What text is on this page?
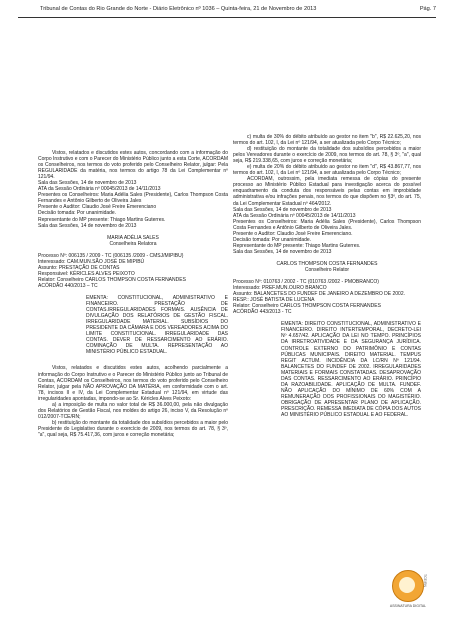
Tribunal de Contas do Rio Grande do Norte - Diário Eletrônico nº 1036 – Quinta-feira, 21 de Novembro de 2013	Pág. 7

Vistos, relatados e discutidos estes autos, concordando com a informação do Corpo Instrutivo e com o Parecer do Ministério Público junto a esta Corte, ACORDAM os Conselheiros, nos termos do voto proferido pelo Conselheiro Relator, julgar: Pela REGULARIDADE da matéria, nos termos do artigo 78 da Lei Complementar nº 121/94.

Sala das Sessões, 14 de novembro de 2013

ATA da Sessão Ordinária nº 00045/2013 de 14/11/2013

Presentes os Conselheiros: Maria Adélia Sales (Presidente), Carlos Thompson Costa Fernandes e Antônio Gilberto de Oliveira Jales

Presente o Auditor: Claudio José Freire Emerenciano

Decisão tomada: Por unanimidade.

Representante do MP presente: Thiago Martins Guterres.

Sala das Sessões, 14 de novembro de 2013

MARIA ADÉLIA SALES

Conselheira Relatora

Processo Nº: 006135 / 2009 - TC (006135 /2009 - CMSJ/MIPIBU)

Interessado: CAM.MUN.SÃO JOSÉ DE MIPIBÚ

Assunto: PRESTAÇÃO DE CONTAS

Responsável: KÉRICLES ALVES PEIXOTO

Relator: Conselheiro CARLOS THOMPSON COSTA FERNANDES

ACÓRDÃO 440/2013 – TC

EMENTA: CONSTITUCIONAL, ADMINISTRATIVO E FINANCEIRO. PRESTAÇÃO DE CONTAS.IRREGULARIDADES FORMAIS. AUSÊNCIA DE DIVULGAÇÃO DOS RELATÓRIOS DE GESTÃO FISCAL. IRREGULARIDADE MATERIAL. SUBSÍDIOS DO PRESIDENTE DA CÂMARA E DOS VEREADORES ACIMA DO LIMITE CONSTITUCIONAL. IRREGULARIDADE DAS CONTAS. DEVER DE RESSARCIMENTO AO ERÁRIO. COMINAÇÃO DE MULTA. REPRESENTAÇÃO AO MINISTÉRIO PÚBLICO ESTADUAL.

Vistos, relatados e discutidos estes autos, acolhendo parcialmente a informação do Corpo Instrutivo e o Parecer do Ministério Público junto ao Tribunal de Contas, ACORDAM os Conselheiros, nos termos do voto proferido pelo Conselheiro Relator, julgar pela NÃO APROVAÇÃO DA MATÉRIA, em conformidade com o art. 78, incisos II e IV, da Lei Complementar Estadual nº 121/94, em virtude das irregularidades apontadas, impondo-se ao Sr. Kéricles Alves Peixoto:

a) a imposição de multa no valor total de R$ 36.000,00, pela não divulgação dos Relatórios de Gestão Fiscal, nos moldes do artigo 26, inciso V, da Resolução nº 012/2007-TCE/RN;

b) restituição do montante da totalidade dos subsídios percebidos a maior pelo Presidente do Legislativo durante o exercício de 2009, nos termos do art. 78, § 3º, "a", qual seja, R$ 75.417,36, com juros e correção monetária;

c) multa de 30% do débito atribuído ao gestor no item "b", R$ 22.625,20, nos termos do art. 102, I, da Lei nº 121/94, a ser atualizada pelo Corpo Técnico;

d) restituição do montante da totalidade dos subsídios percebidos a maior pelos Vereadores durante o exercício de 2009, nos termos do art. 78, § 3º, "a", qual seja, R$ 219.338,65, com juros e correção monetária;

e) multa de 20% do débito atribuído ao gestor no item "d", R$ 43.867,77, nos termos do art. 102, I, da Lei nº 121/94, a ser atualizada pelo Corpo Técnico;

ACORDAM, outrossim, pela imediata remessa de cópias do presente processo ao Ministério Público Estadual para investigação acerca do possível enquadramento da conduta dos responsáveis pelas contas em improbidade administrativa e/ou infrações penais, nos termos do que dispõem no §3º, do art. 75, da Lei Complementar Estadual nº 464/2012.

Sala das Sessões, 14 de novembro de 2013

ATA da Sessão Ordinária nº 00045/2013 de 14/11/2013

Presentes os Conselheiros: Maria Adélia Sales (Presidente), Carlos Thompson Costa Fernandes e Antônio Gilberto de Oliveira Jales.

Presente o Auditor: Claudio José Freire Emerenciano.

Decisão tomada: Por unanimidade.

Representante do MP presente: Thiago Martins Guterres.

Sala das Sessões, 14 de novembro de 2013

CARLOS THOMPSON COSTA FERNANDES

Conselheiro Relator

Processo Nº: 010763 / 2002 - TC (010763 /2002 - PMOBRANCO)

Interessado: PREF.MUN.OURO BRANCO

Assunto: BALANCETES DO FUNDEF DE JANEIRO A DEZEMBRO DE 2002.

RESP.: JOSÉ BATISTA DE LUCENA

Relator: Conselheiro CARLOS THOMPSON COSTA FERNANDES

ACÓRDÃO 443/2013 - TC

EMENTA: DIREITO CONSTITUCIONAL, ADMINISTRATIVO E FINANCEIRO. DIREITO INTERTEMPORAL, DECRETO-LEI Nº 4.657/42. APLICAÇÃO DA LEI NO TEMPO. PRINCÍPIOS DA IRRETROATIVIDADE E DA SEGURANÇA JURÍDICA. CONTROLE EXTERNO DO PATRIMÔNIO E CONTAS PÚBLICAS MUNICIPAIS. DIREITO MATERIAL. TEMPUS REGIT ACTUM. INCIDÊNCIA DA LC/RN Nº 121/94. BALANCETES DO FUNDEF DE 2002. IRREGULARIDADES MATERIAIS E FORMAIS CONSTATADAS. DESAPROVAÇÃO DAS CONTAS. RESSARCIMENTO AO ERÁRIO. PRINCÍPIO DA RAZOABILIDADE. APLICAÇÃO DE MULTA. FUNDEF. NÃO APLICAÇÃO DO MÍNIMO DE 60% COM A REMUNERAÇÃO DOS PROFISSIONAIS DO MAGISTÉRIO. OBRIGAÇÃO DE APRESENTAR PLANO DE APLICAÇÃO. PRESCRIÇÃO. REMESSA IMEDIATA DE CÓPIA DOS AUTOS AO MINISTÉRIO PÚBLICO ESTADUAL E AO FEDERAL.

TCE/RN
ASSINATURA DIGITAL
